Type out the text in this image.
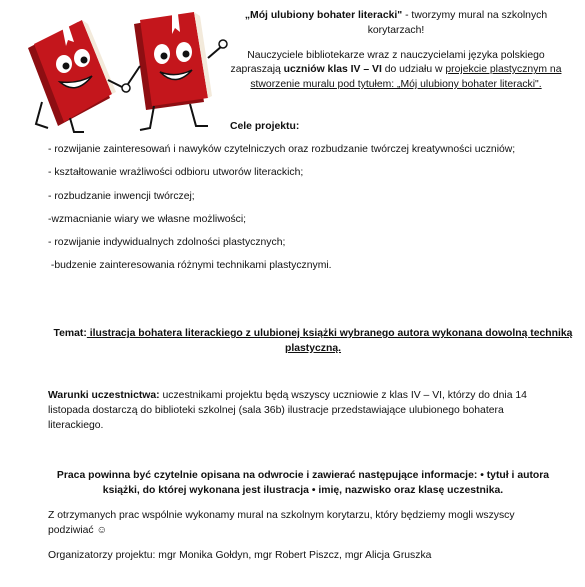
„Mój ulubiony bohater literacki" - tworzymy mural na szkolnych korytarzach!

Nauczyciele bibliotekarze wraz z nauczycielami języka polskiego zapraszają uczniów klas IV – VI do udziału w projekcie plastycznym na stworzenie muralu pod tytułem: „Mój ulubiony bohater literacki".

Cele projektu:

- rozwijanie zainteresowań i nawyków czytelniczych oraz rozbudzanie twórczej kreatywności uczniów;

- kształtowanie wrażliwości odbioru utworów literackich;

- rozbudzanie inwencji twórczej;

-wzmacnianie wiary we własne możliwości;

- rozwijanie indywidualnych zdolności plastycznych;

-budzenie zainteresowania różnymi technikami plastycznymi.

Temat: ilustracja bohatera literackiego z ulubionej książki wybranego autora wykonana dowolną techniką plastyczną.
Warunki uczestnictwa: uczestnikami projektu będą wszyscy uczniowie z klas IV – VI, którzy do dnia 14 listopada dostarczą do biblioteki szkolnej (sala 36b) ilustracje przedstawiające ulubionego bohatera literackiego.
Praca powinna być czytelnie opisana na odwrocie i zawierać następujące informacje: • tytuł i autora książki, do której wykonana jest ilustracja • imię, nazwisko oraz klasę uczestnika.
Z otrzymanych prac wspólnie wykonamy mural na szkolnym korytarzu, który będziemy mogli wszyscy podziwiać ☺
Organizatorzy projektu: mgr Monika Gołdyn, mgr Robert Piszcz, mgr Alicja Gruszka
